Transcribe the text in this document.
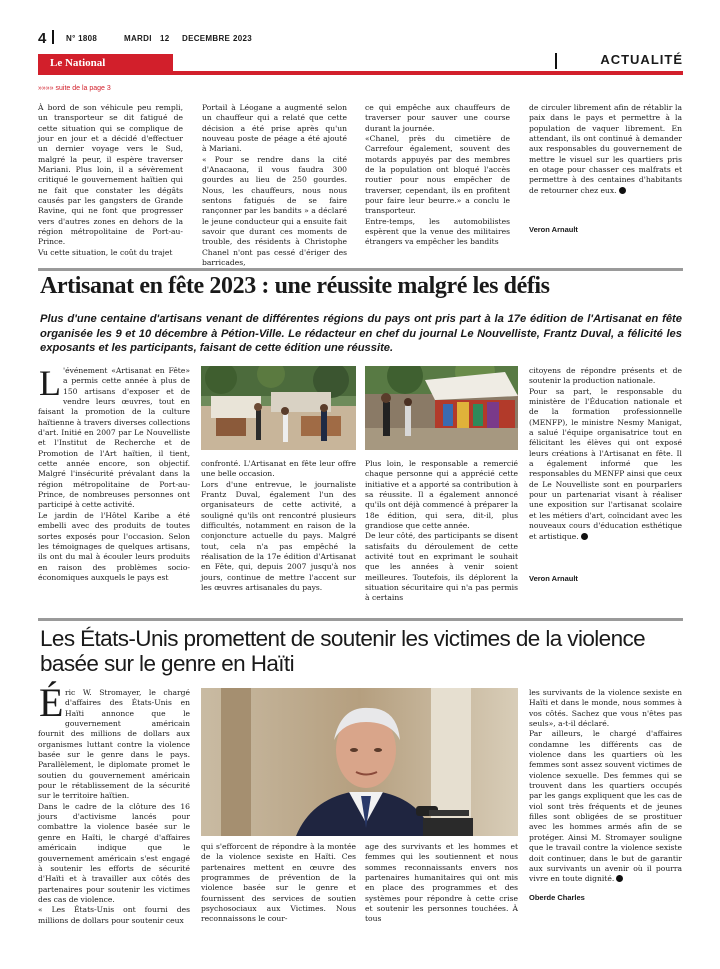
4 N° 1808	MARDI 12 DECEMBRE 2023
Le National	ACTUALITÉ
»»»» suite de la page 3
À bord de son véhicule peu rempli, un transporteur se dit fatigué de cette situation qui se complique de jour en jour et a décidé d'effectuer un dernier voyage vers le Sud, malgré la peur, il espère traverser Mariani. Plus loin, il a sévèrement critiqué le gouvernement haïtien qui ne fait que constater les dégâts causés par les gangsters de Grande Ravine, qui ne font que progresser vers d'autres zones en dehors de la région métropolitaine de Port-au-Prince.
Vu cette situation, le coût du trajet
Portail à Léogane a augmenté selon un chauffeur qui a relaté que cette décision a été prise après qu'un nouveau poste de péage a été ajouté à Mariani.
« Pour se rendre dans la cité d'Anacaona, il vous faudra 300 gourdes au lieu de 250 gourdes. Nous, les chauffeurs, nous nous sentons fatigués de se faire rançonner par les bandits » a déclaré le jeune conducteur qui a ensuite fait savoir que durant ces moments de trouble, des résidents à Christophe Chanel n'ont pas cessé d'ériger des barricades,
ce qui empêche aux chauffeurs de traverser pour sauver une course durant la journée.
«Chanel, près du cimetière de Carrefour également, souvent des motards appuyés par des membres de la population ont bloqué l'accès routier pour nous empêcher de traverser, cependant, ils en profitent pour faire leur beurre.» a conclu le transporteur.
Entre-temps, les automobilistes espèrent que la venue des militaires étrangers va empêcher les bandits
de circuler librement afin de rétablir la paix dans le pays et permettre à la population de vaquer librement. En attendant, ils ont continué à demander aux responsables du gouvernement de mettre le visuel sur les quartiers pris en otage pour chasser ces malfrats et permettre à des centaines d'habitants de retourner chez eux.
Veron Arnault
Artisanat en fête 2023 : une réussite malgré les défis
Plus d'une centaine d'artisans venant de différentes régions du pays ont pris part à la 17e édition de l'Artisanat en fête organisée les 9 et 10 décembre à Pétion-Ville. Le rédacteur en chef du journal Le Nouvelliste, Frantz Duval, a félicité les exposants et les participants, faisant de cette édition une réussite.
L 'événement «Artisanat en Fête» a permis cette année à plus de 150 artisans d'exposer et de vendre leurs œuvres, tout en faisant la promotion de la culture haïtienne à travers diverses collections d'art. Initié en 2007 par Le Nouvelliste et l'Institut de Recherche et de Promotion de l'Art haïtien, il tient, cette année encore, son objectif. Malgré l'insécurité prévalant dans la région métropolitaine de Port-au-Prince, de nombreuses personnes ont participé à cette activité.
Le jardin de l'Hôtel Karibe a été embelli avec des produits de toutes sortes exposés pour l'occasion. Selon les témoignages de quelques artisans, ils ont du mal à écouler leurs produits en raison des problèmes socio-économiques auxquels le pays est
confronté. L'Artisanat en fête leur offre une belle occasion.
Lors d'une entrevue, le journaliste Frantz Duval, également l'un des organisateurs de cette activité, a souligné qu'ils ont rencontré plusieurs difficultés, notamment en raison de la conjoncture actuelle du pays. Malgré tout, cela n'a pas empêché la réalisation de la 17e édition d'Artisanat en Fête, qui, depuis 2007 jusqu'à nos jours, continue de mettre l'accent sur les œuvres artisanales du pays.
Plus loin, le responsable a remercié chaque personne qui a apprécié cette initiative et a apporté sa contribution à sa réussite. Il a également annoncé qu'ils ont déjà commencé à préparer la 18e édition, qui sera, dit-il, plus grandiose que cette année.
De leur côté, des participants se disent satisfaits du déroulement de cette activité tout en exprimant le souhait que les années à venir soient meilleures. Toutefois, ils déplorent la situation sécuritaire qui n'a pas permis à certains
citoyens de répondre présents et de soutenir la production nationale.
Pour sa part, le responsable du ministère de l'Éducation nationale et de la formation professionnelle (MENFP), le ministre Nesmy Manigat, a salué l'équipe organisatrice tout en félicitant les élèves qui ont exposé leurs créations à l'Artisanat en fête. Il a également informé que les responsables du MENFP ainsi que ceux de Le Nouvelliste sont en pourparlers pour un partenariat visant à réaliser une exposition sur l'artisanat scolaire et les métiers d'art, coïncidant avec les nouveaux cours d'éducation esthétique et artistique.
Veron Arnault
Les États-Unis promettent de soutenir les victimes de la violence basée sur le genre en Haïti
É ric W. Stromayer, le chargé d'affaires des États-Unis en Haïti annonce que le gouvernement américain fournit des millions de dollars aux organismes luttant contre la violence basée sur le genre dans le pays. Parallèlement, le diplomate promet le soutien du gouvernement américain pour le rétablissement de la sécurité sur le territoire haïtien.
Dans le cadre de la clôture des 16 jours d'activisme lancés pour combattre la violence basée sur le genre en Haïti, le chargé d'affaires américain indique que le gouvernement américain s'est engagé à soutenir les efforts de sécurité d'Haïti et à travailler aux côtés des partenaires pour soutenir les victimes des cas de violence.
« Les États-Unis ont fourni des millions de dollars pour soutenir ceux
qui s'efforcent de répondre à la montée de la violence sexiste en Haïti. Ces partenaires mettent en œuvre des programmes de prévention de la violence basée sur le genre et fournissent des services de soutien psychosociaux aux Victimes. Nous reconnaissons le cour-
age des survivants et les hommes et femmes qui les soutiennent et nous sommes reconnaissants envers nos partenaires humanitaires qui ont mis en place des programmes et des systèmes pour répondre à cette crise et soutenir les personnes touchées. À tous
les survivants de la violence sexiste en Haïti et dans le monde, nous sommes à vos côtés. Sachez que vous n'êtes pas seuls», a-t-il déclaré.
Par ailleurs, le chargé d'affaires condamne les différents cas de violence dans les quartiers où les femmes sont assez souvent victimes de violence sexuelle. Des femmes qui se trouvent dans les quartiers occupés par les gangs expliquent que les cas de viol sont très fréquents et de jeunes filles sont obligées de se prostituer avec les hommes armés afin de se protéger. Ainsi M. Stromayer souligne que le travail contre la violence sexiste doit continuer, dans le but de garantir aux survivants un avenir où il pourra vivre en toute dignité.
Oberde Charles
